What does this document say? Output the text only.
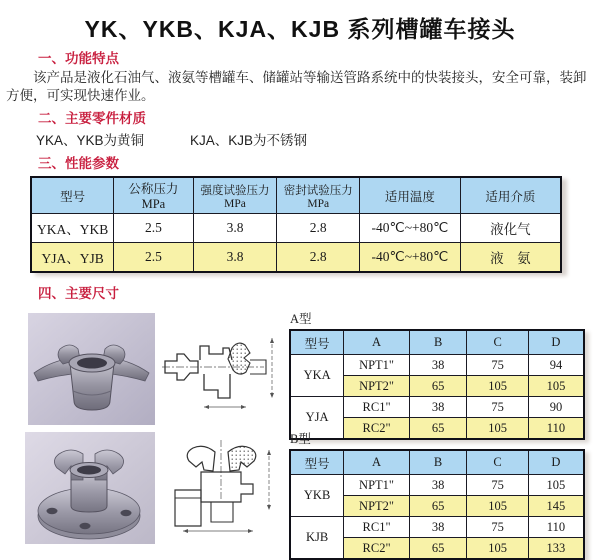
YK、YKB、KJA、KJB 系列槽罐车接头
一、功能特点

该产品是液化石油气、液氨等槽罐车、储罐站等输送管路系统中的快装接头，安全可靠，装卸方便，可实现快速作业。

二、主要零件材质
YKA、YKB为黄铜	KJA、KJB为不锈钢
三、性能参数
型号	公称压力 MPa	强度试验压力MPa	密封试验压力MPa	适用温度	适用介质
YKA、YKB	2.5	3.8	2.8	-40℃~+80℃	液化气
YJA、YJB	2.5	3.8	2.8	-40℃~+80℃	液　氨
四、主要尺寸
A型
型号	A	B	C	D
YKA	NPT1"	38	75	94
	NPT2"	65	105	105
YJA	RC1"	38	75	90
	RC2"	65	105	110
B型
型号	A	B	C	D
YKB	NPT1"	38	75	105
	NPT2"	65	105	145
KJB	RC1"	38	75	110
	RC2"	65	105	133
